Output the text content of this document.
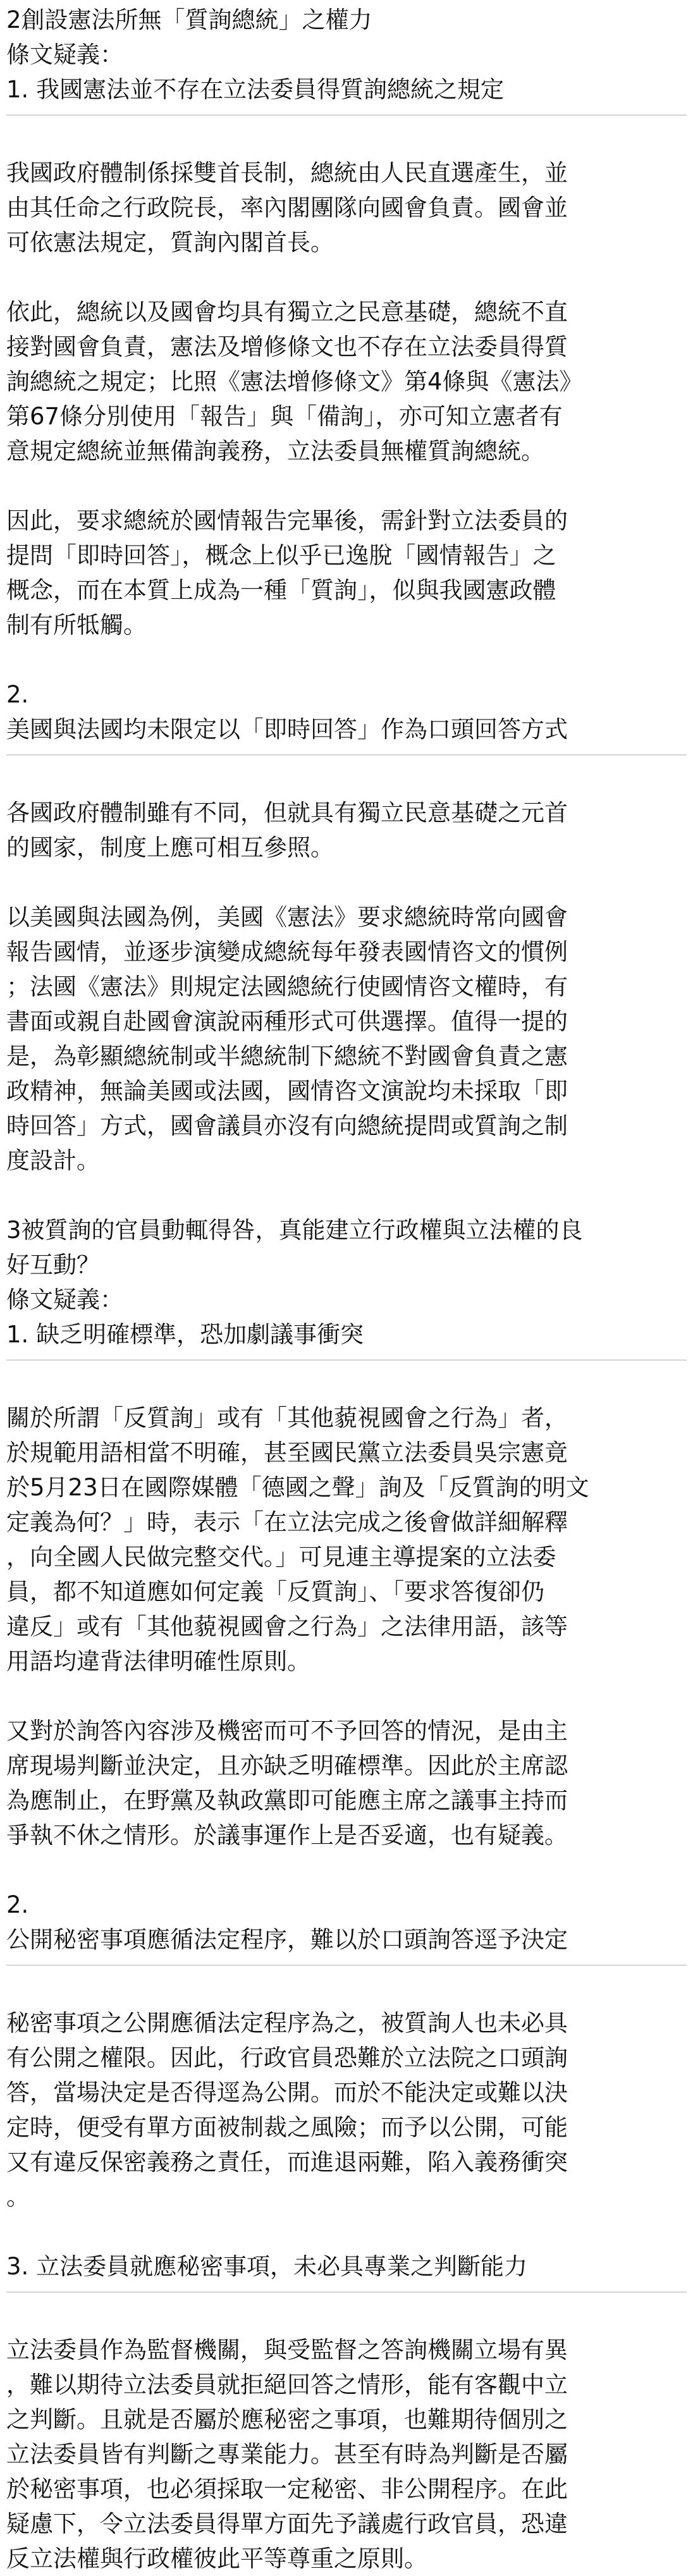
2創設憲法所無「質詢總統」之權力
條文疑義：
1. 我國憲法並不存在立法委員得質詢總統之規定
我國政府體制係採雙首長制，總統由人民直選產生，並
由其任命之行政院長，率內閣團隊向國會負責。國會並
可依憲法規定，質詢內閣首長。
依此，總統以及國會均具有獨立之民意基礎，總統不直
接對國會負責，憲法及增修條文也不存在立法委員得質
詢總統之規定；比照《憲法增修條文》第4條與《憲法》
第67條分別使用「報告」與「備詢」，亦可知立憲者有
意規定總統並無備詢義務，立法委員無權質詢總統。
因此，要求總統於國情報告完畢後，需針對立法委員的
提問「即時回答」，概念上似乎已逸脫「國情報告」之
概念，而在本質上成為一種「質詢」，似與我國憲政體
制有所牴觸。
2.
美國與法國均未限定以「即時回答」作為口頭回答方式
各國政府體制雖有不同，但就具有獨立民意基礎之元首
的國家，制度上應可相互參照。
以美國與法國為例，美國《憲法》要求總統時常向國會
報告國情，並逐步演變成總統每年發表國情咨文的慣例
；法國《憲法》則規定法國總統行使國情咨文權時，有
書面或親自赴國會演說兩種形式可供選擇。值得一提的
是，為彰顯總統制或半總統制下總統不對國會負責之憲
政精神，無論美國或法國，國情咨文演說均未採取「即
時回答」方式，國會議員亦沒有向總統提問或質詢之制
度設計。
3被質詢的官員動輒得咎，真能建立行政權與立法權的良
好互動？
條文疑義：
1. 缺乏明確標準，恐加劇議事衝突
關於所謂「反質詢」或有「其他藐視國會之行為」者，
於規範用語相當不明確，甚至國民黨立法委員吳宗憲竟
於5月23日在國際媒體「德國之聲」詢及「反質詢的明文
定義為何？」時，表示「在立法完成之後會做詳細解釋
，向全國人民做完整交代。」可見連主導提案的立法委
員，都不知道應如何定義「反質詢」、「要求答復卻仍
違反」或有「其他藐視國會之行為」之法律用語，該等
用語均違背法律明確性原則。
又對於詢答內容涉及機密而可不予回答的情況，是由主
席現場判斷並決定，且亦缺乏明確標準。因此於主席認
為應制止，在野黨及執政黨即可能應主席之議事主持而
爭執不休之情形。於議事運作上是否妥適，也有疑義。
2.
公開秘密事項應循法定程序，難以於口頭詢答逕予決定
秘密事項之公開應循法定程序為之，被質詢人也未必具
有公開之權限。因此，行政官員恐難於立法院之口頭詢
答，當場決定是否得逕為公開。而於不能決定或難以決
定時，便受有單方面被制裁之風險；而予以公開，可能
又有違反保密義務之責任，而進退兩難，陷入義務衝突
。
3. 立法委員就應秘密事項，未必具專業之判斷能力
立法委員作為監督機關，與受監督之答詢機關立場有異
，難以期待立法委員就拒絕回答之情形，能有客觀中立
之判斷。且就是否屬於應秘密之事項，也難期待個別之
立法委員皆有判斷之專業能力。甚至有時為判斷是否屬
於秘密事項，也必須採取一定秘密、非公開程序。在此
疑慮下，令立法委員得單方面先予議處行政官員，恐違
反立法權與行政權彼此平等尊重之原則。
